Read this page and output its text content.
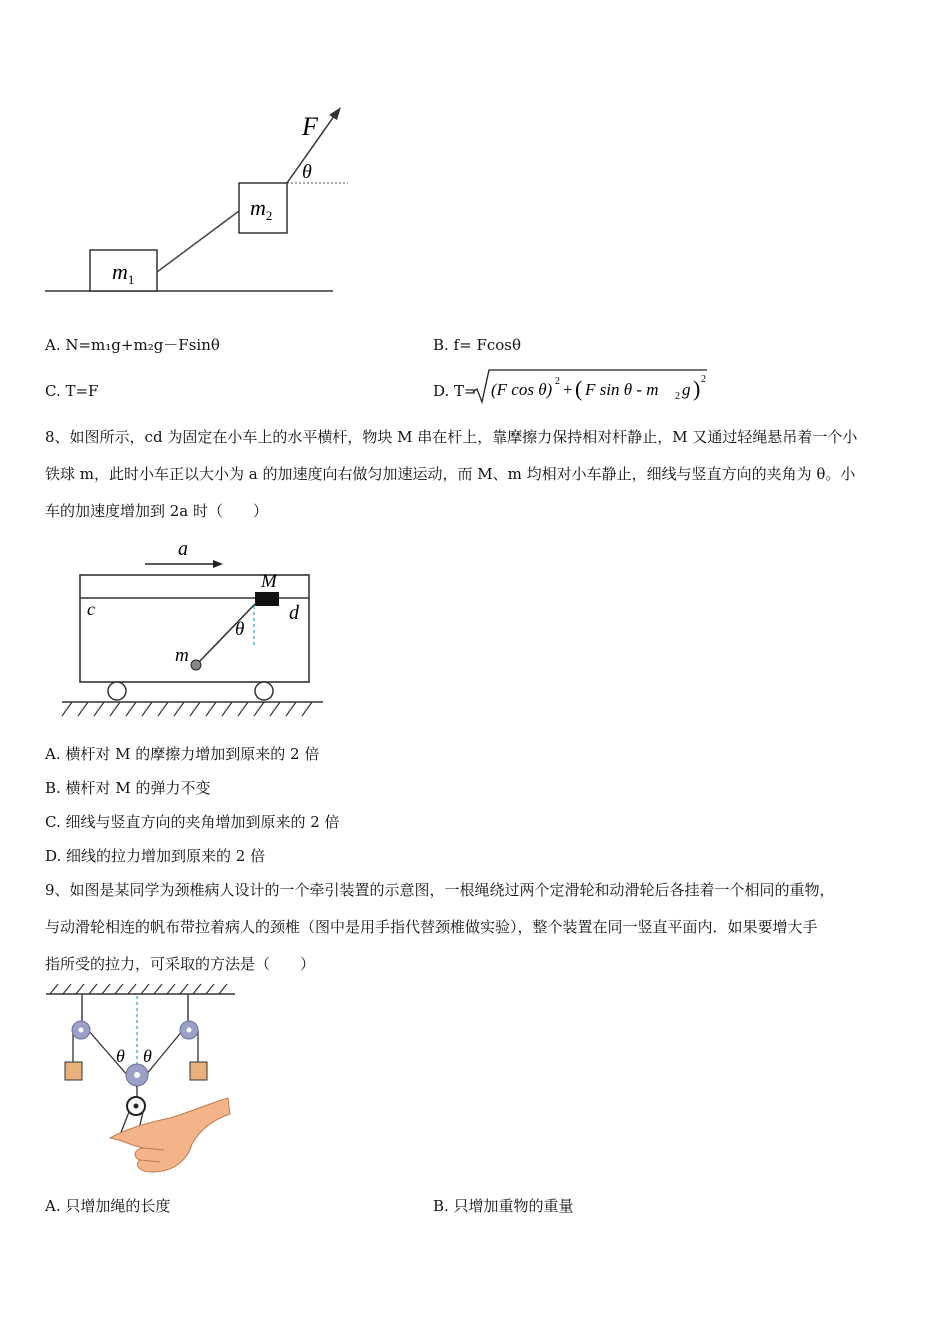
$m_1$
$m_2$
F
θ
A. N=m₁g+m₂g－Fsinθ	B. f= Fcosθ
C. T=F	D. T= (F cos θ) 2 + ( F sin θ - m 2 g ) 2

8、如图所示，cd 为固定在小车上的水平横杆，物块 M 串在杆上，靠摩擦力保持相对杆静止，M 又通过轻绳悬吊着一个小

铁球 m，此时小车正以大小为 a 的加速度向右做匀加速运动，而 M、m 均相对小车静止，细线与竖直方向的夹角为 θ。小

车的加速度增加到 2a 时（　　）

a
M
c	d
θ
m
A. 横杆对 M 的摩擦力增加到原来的 2 倍
B. 横杆对 M 的弹力不变
C. 细线与竖直方向的夹角增加到原来的 2 倍
D. 细线的拉力增加到原来的 2 倍

9、如图是某同学为颈椎病人设计的一个牵引装置的示意图，一根绳绕过两个定滑轮和动滑轮后各挂着一个相同的重物，

与动滑轮相连的帆布带拉着病人的颈椎（图中是用手指代替颈椎做实验），整个装置在同一竖直平面内．如果要增大手

指所受的拉力，可采取的方法是（　　）

θ θ
A. 只增加绳的长度	B. 只增加重物的重量
